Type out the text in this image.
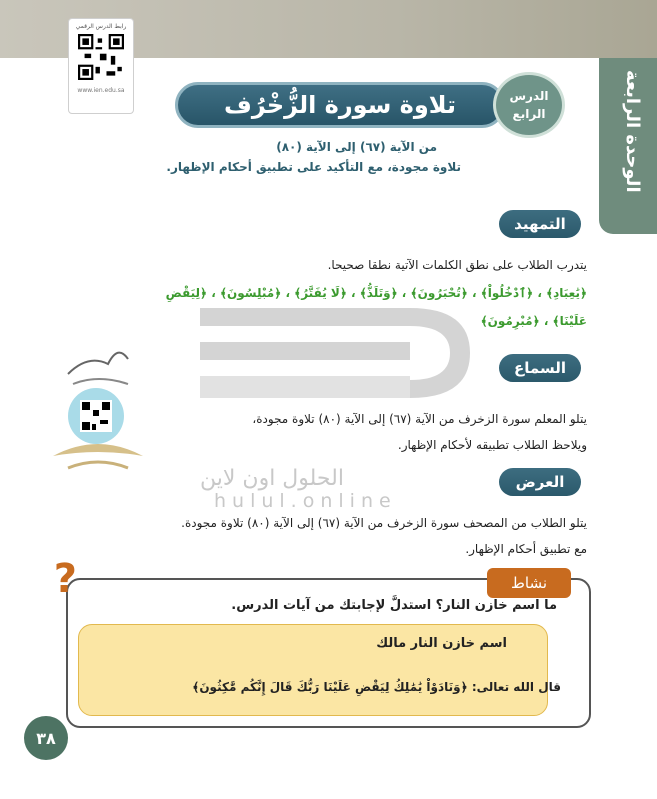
الوحدة الرابعة
رابط الدرس الرقمي
www.ien.edu.sa
تلاوة سورة الزُّخْرُف	الدرس
الرابع
من الآية (٦٧) إلى الآية (٨٠)
تلاوة مجودة، مع التأكيد على تطبيق أحكام الإظهار.
التمهيد
يتدرب الطلاب على نطق الكلمات الآتية نطقا صحيحا.
﴿يَٰعِبَادِ﴾ ، ﴿ٱدْخُلُواْ﴾ ، ﴿تُحْبَرُونَ﴾ ، ﴿وَتَلَذُّ﴾ ، ﴿لَا يُفَتَّرُ﴾ ، ﴿مُبْلِسُونَ﴾ ، ﴿لِيَقْضِ
عَلَيْنَا﴾ ، ﴿مُبْرِمُونَ﴾
الحلول اون لاين
hulul.online
السماع
يتلو المعلم سورة الزخرف من الآية (٦٧) إلى الآية (٨٠) تلاوة مجودة،
ويلاحظ الطلاب تطبيقه لأحكام الإظهار.
العرض
يتلو الطلاب من المصحف سورة الزخرف من الآية (٦٧) إلى الآية (٨٠) تلاوة مجودة.
مع تطبيق أحكام الإظهار.
نشاط
?
ما اسم خازن النار؟ استدلَّ لإجابتك من آيات الدرس.
اسم خازن النار مالك
قال الله تعالى: ﴿وَنَادَوْاْ يَٰمَٰلِكُ لِيَقْضِ عَلَيْنَا رَبُّكَ قَالَ إِنَّكُم مَّٰكِثُونَ﴾
٣٨
